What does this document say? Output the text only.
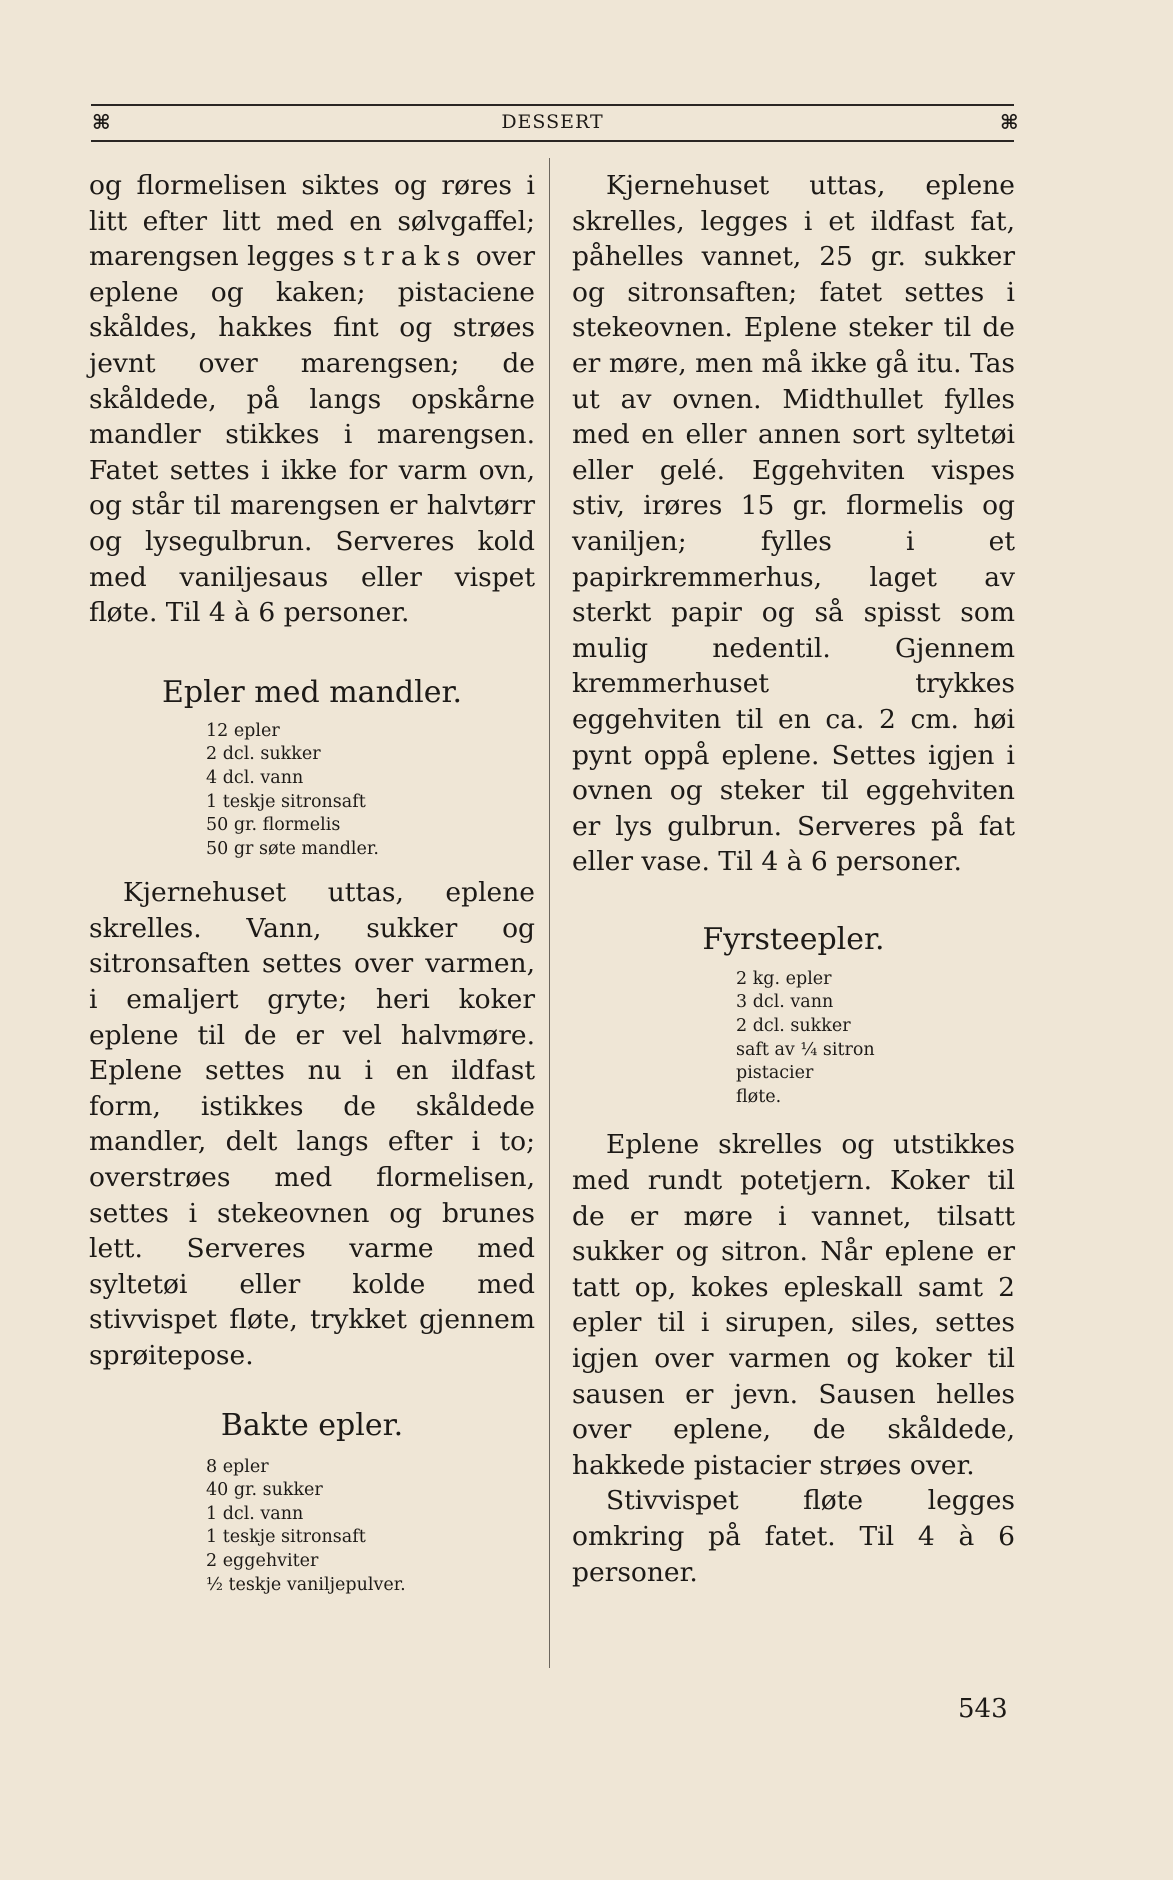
⌘	DESSERT	⌘

og flormelisen siktes og røres i litt efter litt med en sølvgaffel; marengsen legges straks over eplene og kaken; pistaciene skåldes, hakkes fint og strøes jevnt over marengsen; de skåldede, på langs opskårne mandler stikkes i marengsen. Fatet settes i ikke for varm ovn, og står til marengsen er halvtørr og lysegulbrun. Serveres kold med vaniljesaus eller vispet fløte. Til 4 à 6 personer.

Epler med mandler.
12 epler
2 dcl. sukker
4 dcl. vann
1 teskje sitronsaft
50 gr. flormelis
50 gr søte mandler.

Kjernehuset uttas, eplene skrelles. Vann, sukker og sitronsaften settes over varmen, i emaljert gryte; heri koker eplene til de er vel halvmøre. Eplene settes nu i en ildfast form, istikkes de skåldede mandler, delt langs efter i to; overstrøes med flormelisen, settes i stekeovnen og brunes lett. Serveres varme med syltetøi eller kolde med stivvispet fløte, trykket gjennem sprøitepose.

Bakte epler.
8 epler
40 gr. sukker
1 dcl. vann
1 teskje sitronsaft
2 eggehviter
½ teskje vaniljepulver.

Kjernehuset uttas, eplene skrelles, legges i et ildfast fat, påhelles vannet, 25 gr. sukker og sitronsaften; fatet settes i stekeovnen. Eplene steker til de er møre, men må ikke gå itu. Tas ut av ovnen. Midthullet fylles med en eller annen sort syltetøi eller gelé. Eggehviten vispes stiv, irøres 15 gr. flormelis og vaniljen; fylles i et papirkremmerhus, laget av sterkt papir og så spisst som mulig nedentil. Gjennem kremmerhuset trykkes eggehviten til en ca. 2 cm. høi pynt oppå eplene. Settes igjen i ovnen og steker til eggehviten er lys gulbrun. Serveres på fat eller vase. Til 4 à 6 personer.

Fyrsteepler.
2 kg. epler
3 dcl. vann
2 dcl. sukker
saft av ¼ sitron
pistacier
fløte.

Eplene skrelles og utstikkes med rundt potetjern. Koker til de er møre i vannet, tilsatt sukker og sitron. Når eplene er tatt op, kokes epleskall samt 2 epler til i sirupen, siles, settes igjen over varmen og koker til sausen er jevn. Sausen helles over eplene, de skåldede, hakkede pistacier strøes over.

Stivvispet fløte legges omkring på fatet. Til 4 à 6 personer.

543
